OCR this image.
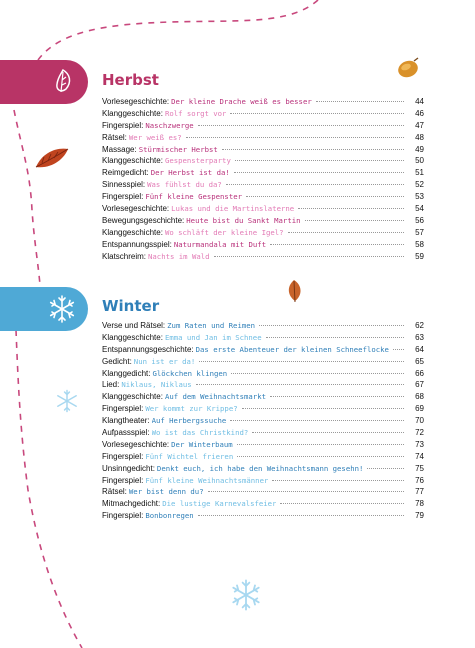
Herbst
Vorlesegeschichte: Der kleine Drache weiß es besser	44
Klanggeschichte: Rolf sorgt vor	46
Fingerspiel: Naschzwerge	47
Rätsel: Wer weiß es?	48
Massage: Stürmischer Herbst	49
Klanggeschichte: Gespensterparty	50
Reimgedicht: Der Herbst ist da!	51
Sinnesspiel: Was fühlst du da?	52
Fingerspiel: Fünf kleine Gespenster	53
Vorlesegeschichte: Lukas und die Martinslaterne	54
Bewegungsgeschichte: Heute bist du Sankt Martin	56
Klanggeschichte: Wo schläft der kleine Igel?	57
Entspannungsspiel: Naturmandala mit Duft	58
Klatschreim: Nachts im Wald	59
Winter
Verse und Rätsel: Zum Raten und Reimen	62
Klanggeschichte: Emma und Jan im Schnee	63
Entspannungsgeschichte: Das erste Abenteuer der kleinen Schneeflocke	64
Gedicht: Nun ist er da!	65
Klanggedicht: Glöckchen klingen	66
Lied: Niklaus, Niklaus	67
Klanggeschichte: Auf dem Weihnachtsmarkt	68
Fingerspiel: Wer kommt zur Krippe?	69
Klangtheater: Auf Herbergssuche	70
Aufpassspiel: Wo ist das Christkind?	72
Vorlesegeschichte: Der Winterbaum	73
Fingerspiel: Fünf Wichtel frieren	74
Unsinngedicht: Denkt euch, ich habe den Weihnachtsmann gesehn!	75
Fingerspiel: Fünf kleine Weihnachtsmänner	76
Rätsel: Wer bist denn du?	77
Mitmachgedicht: Die lustige Karnevalsfeier	78
Fingerspiel: Bonbonregen	79
